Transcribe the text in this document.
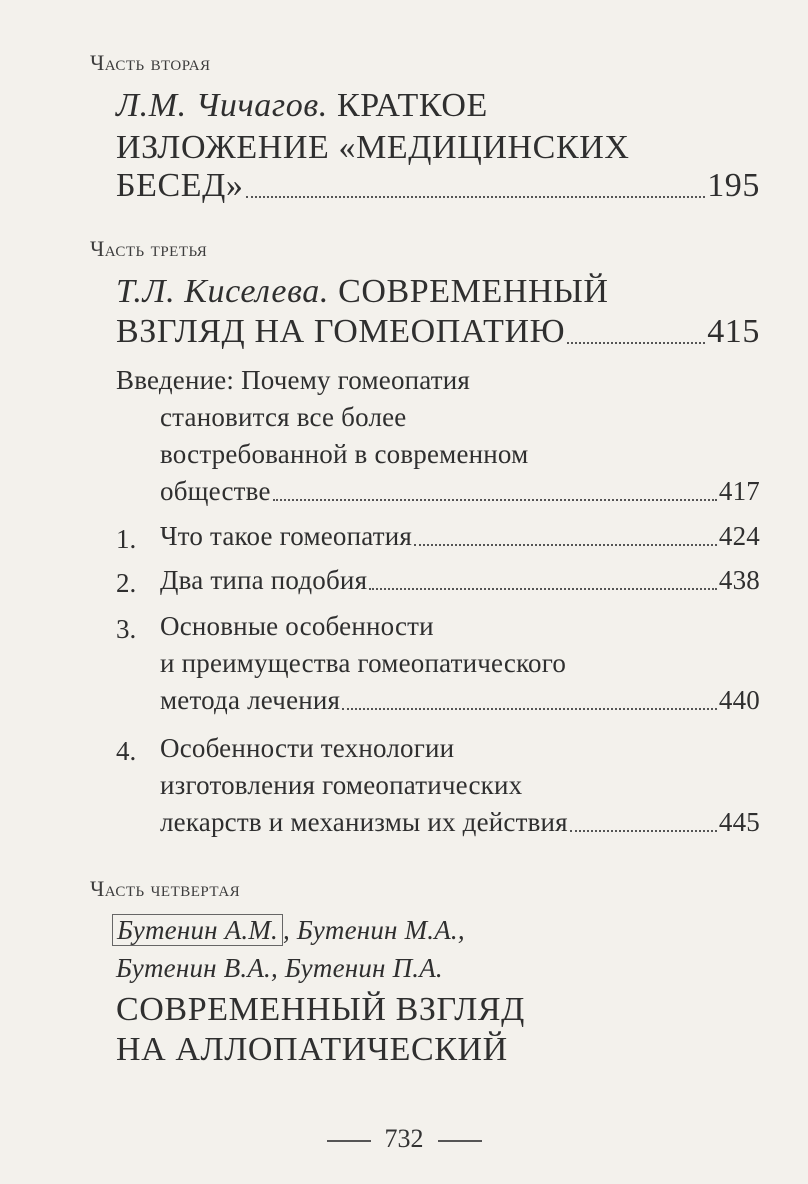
Часть вторая
Л.М. Чичагов. КРАТКОЕ
ИЗЛОЖЕНИЕ «МЕДИЦИНСКИХ
БЕСЕД»	195
Часть третья
Т.Л. Киселева. СОВРЕМЕННЫЙ
ВЗГЛЯД НА ГОМЕОПАТИЮ	415
Введение: Почему гомеопатия
становится все более
востребованной в современном
обществе	417
1. Что такое гомеопатия	424
2. Два типа подобия	438
3. Основные особенности
и преимущества гомеопатического
метода лечения	440
4. Особенности технологии
изготовления гомеопатических
лекарств и механизмы их действия	445
Часть четвертая
Бутенин А.М. , Бутенин М.А.,
Бутенин В.А., Бутенин П.А.
СОВРЕМЕННЫЙ ВЗГЛЯД
НА АЛЛОПАТИЧЕСКИЙ
732
